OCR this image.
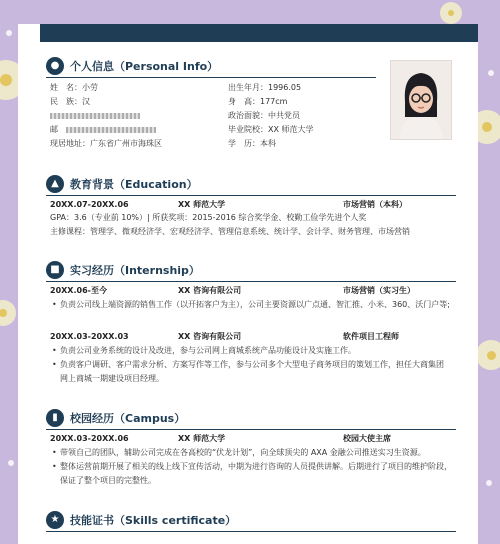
● 个人信息（Personal Info）
姓　名：小劳
民　族：汉
邮
现居地址：广东省广州市海珠区
出生年月：1996.05
身　高：177cm
政治面貌：中共党员
毕业院校：XX 师范大学
学　历：本科
▲	教育背景（Education）
20XX.07-20XX.06	XX 师范大学	市场营销（本科）
GPA：3.6（专业前 10%）| 所获奖项：2015-2016 综合奖学金、校勤工俭学先进个人奖
主修课程：管理学、微观经济学、宏观经济学、管理信息系统、统计学、会计学、财务管理、市场营销
■ 实习经历（Internship）
20XX.06-至今	XX 咨询有限公司	市场营销（实习生）
• 负责公司线上端资源的销售工作（以开拓客户为主），公司主要资源以广点通、智汇推、小米、360、沃门户等;
20XX.03-20XX.03	XX 咨询有限公司	软件项目工程师
• 负责公司业务系统的设计及改进，参与公司网上商城系统产品功能设计及实施工作。
• 负责客户调研、客户需求分析、方案写作等工作，参与公司多个大型电子商务项目的策划工作，担任大商集团
网上商城一期建设项目经理。
▮	校园经历（Campus）
20XX.03-20XX.06	XX 师范大学	校园大使主席
• 带领自己的团队，辅助公司完成在各高校的“伏龙计划”，向全球顶尖的 AXA 金融公司推送实习生资源。
• 整体运营前期开展了相关的线上线下宣传活动，中期为进行咨询的人员提供讲解。后期进行了项目的维护阶段，
保证了整个项目的完整性。
★ 技能证书（Skills certificate）
